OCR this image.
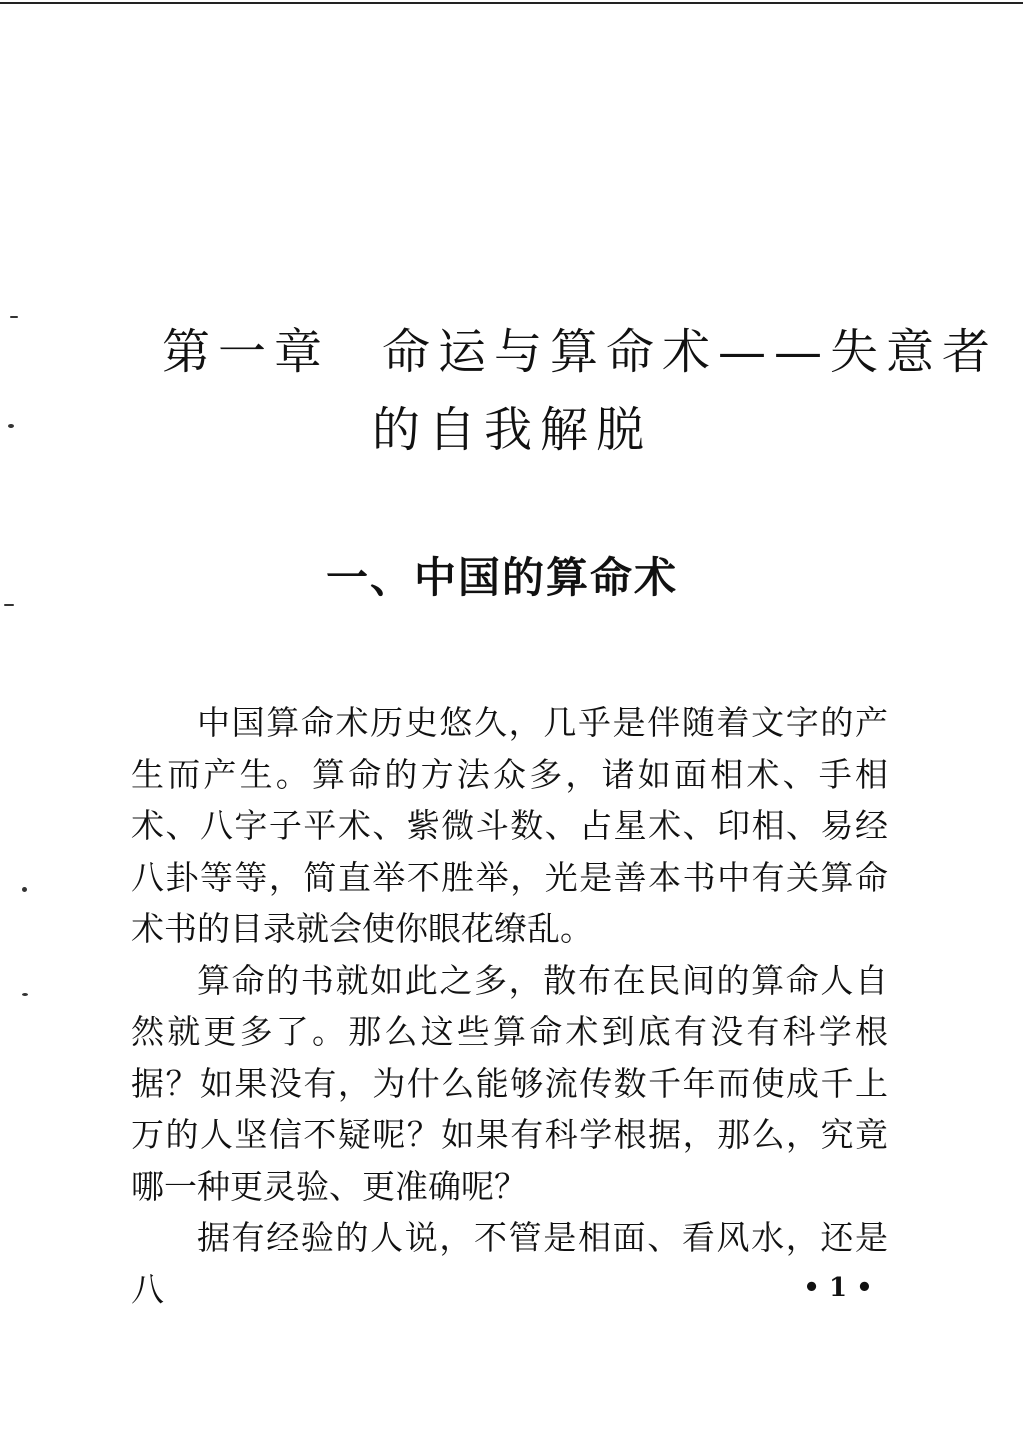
第一章 命运与算命术——失意者
的自我解脱
一、中国的算命术

中国算命术历史悠久，几乎是伴随着文字的产生而产生。算命的方法众多，诸如面相术、手相术、八字子平术、紫微斗数、占星术、印相、易经八卦等等，简直举不胜举，光是善本书中有关算命术书的目录就会使你眼花缭乱。

算命的书就如此之多，散布在民间的算命人自然就更多了。那么这些算命术到底有没有科学根据？如果没有，为什么能够流传数千年而使成千上万的人坚信不疑呢？如果有科学根据，那么，究竟哪一种更灵验、更准确呢？

据有经验的人说，不管是相面、看风水，还是八	• 1 •
